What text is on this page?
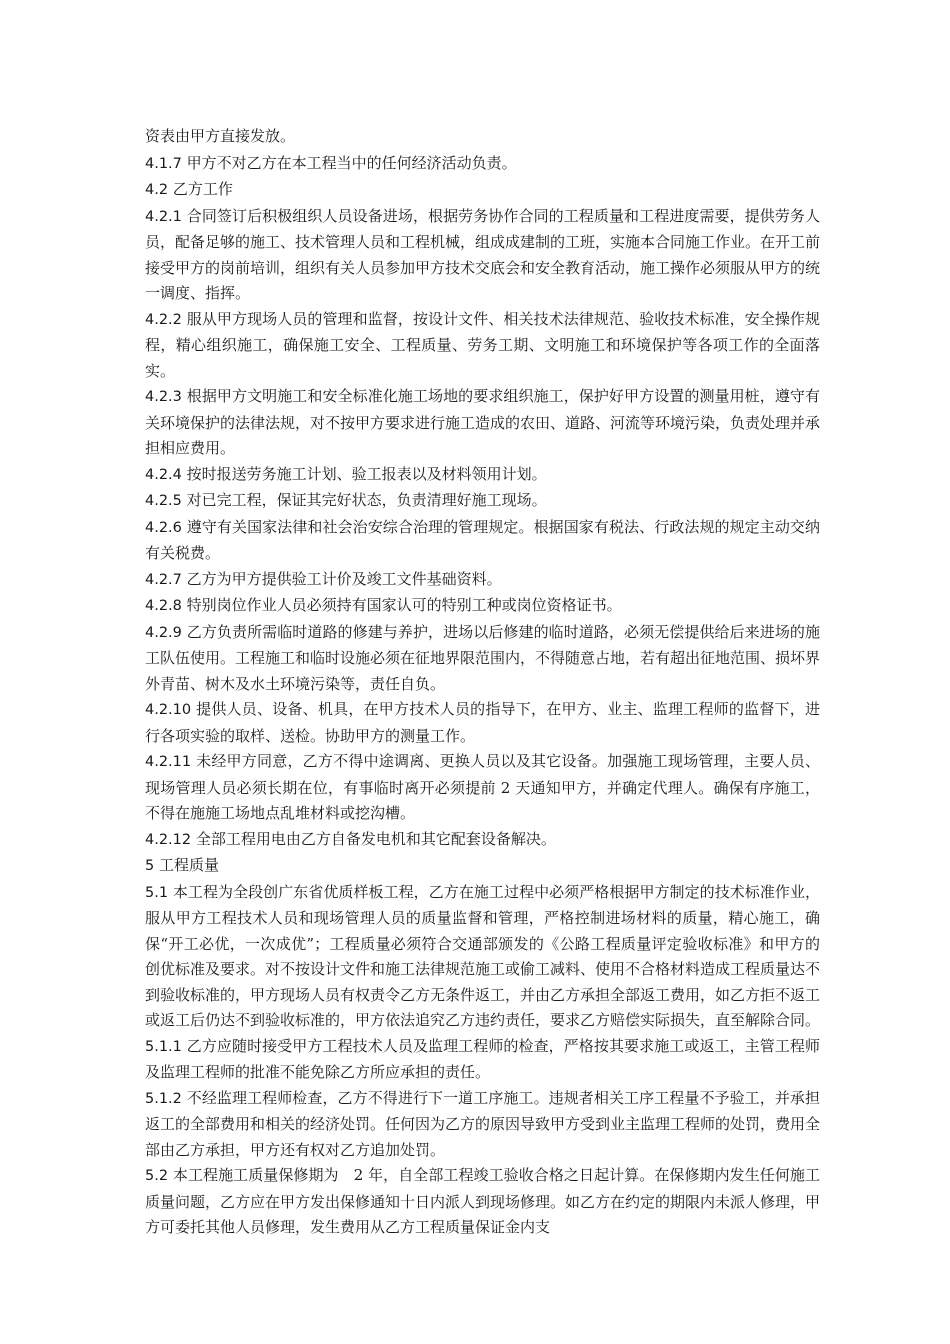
资表由甲方直接发放。

4.1.7 甲方不对乙方在本工程当中的任何经济活动负责。

4.2 乙方工作

4.2.1 合同签订后积极组织人员设备进场，根据劳务协作合同的工程质量和工程进度需要，提供劳务人员，配备足够的施工、技术管理人员和工程机械，组成成建制的工班，实施本合同施工作业。在开工前接受甲方的岗前培训，组织有关人员参加甲方技术交底会和安全教育活动，施工操作必须服从甲方的统一调度、指挥。

4.2.2 服从甲方现场人员的管理和监督，按设计文件、相关技术法律规范、验收技术标准，安全操作规程，精心组织施工，确保施工安全、工程质量、劳务工期、文明施工和环境保护等各项工作的全面落实。

4.2.3 根据甲方文明施工和安全标准化施工场地的要求组织施工，保护好甲方设置的测量用桩，遵守有关环境保护的法律法规，对不按甲方要求进行施工造成的农田、道路、河流等环境污染，负责处理并承担相应费用。

4.2.4 按时报送劳务施工计划、验工报表以及材料领用计划。

4.2.5 对已完工程，保证其完好状态，负责清理好施工现场。

4.2.6 遵守有关国家法律和社会治安综合治理的管理规定。根据国家有税法、行政法规的规定主动交纳有关税费。

4.2.7 乙方为甲方提供验工计价及竣工文件基础资料。

4.2.8 特别岗位作业人员必须持有国家认可的特别工种或岗位资格证书。

4.2.9 乙方负责所需临时道路的修建与养护，进场以后修建的临时道路，必须无偿提供给后来进场的施工队伍使用。工程施工和临时设施必须在征地界限范围内，不得随意占地，若有超出征地范围、损坏界外青苗、树木及水土环境污染等，责任自负。

4.2.10 提供人员、设备、机具，在甲方技术人员的指导下，在甲方、业主、监理工程师的监督下，进行各项实验的取样、送检。协助甲方的测量工作。

4.2.11 未经甲方同意，乙方不得中途调离、更换人员以及其它设备。加强施工现场管理，主要人员、现场管理人员必须长期在位，有事临时离开必须提前 2 天通知甲方，并确定代理人。确保有序施工，不得在施施工场地点乱堆材料或挖沟槽。

4.2.12 全部工程用电由乙方自备发电机和其它配套设备解决。

5 工程质量

5.1 本工程为全段创广东省优质样板工程，乙方在施工过程中必须严格根据甲方制定的技术标准作业，服从甲方工程技术人员和现场管理人员的质量监督和管理，严格控制进场材料的质量，精心施工，确保“开工必优，一次成优”；工程质量必须符合交通部颁发的《公路工程质量评定验收标准》和甲方的创优标准及要求。对不按设计文件和施工法律规范施工或偷工减料、使用不合格材料造成工程质量达不到验收标准的，甲方现场人员有权责令乙方无条件返工，并由乙方承担全部返工费用，如乙方拒不返工或返工后仍达不到验收标准的，甲方依法追究乙方违约责任，要求乙方赔偿实际损失，直至解除合同。

5.1.1 乙方应随时接受甲方工程技术人员及监理工程师的检查，严格按其要求施工或返工，主管工程师及监理工程师的批准不能免除乙方所应承担的责任。

5.1.2 不经监理工程师检查，乙方不得进行下一道工序施工。违规者相关工序工程量不予验工，并承担返工的全部费用和相关的经济处罚。任何因为乙方的原因导致甲方受到业主监理工程师的处罚，费用全部由乙方承担，甲方还有权对乙方追加处罚。

5.2 本工程施工质量保修期为　2 年，自全部工程竣工验收合格之日起计算。在保修期内发生任何施工质量问题，乙方应在甲方发出保修通知十日内派人到现场修理。如乙方在约定的期限内未派人修理，甲方可委托其他人员修理，发生费用从乙方工程质量保证金内支
